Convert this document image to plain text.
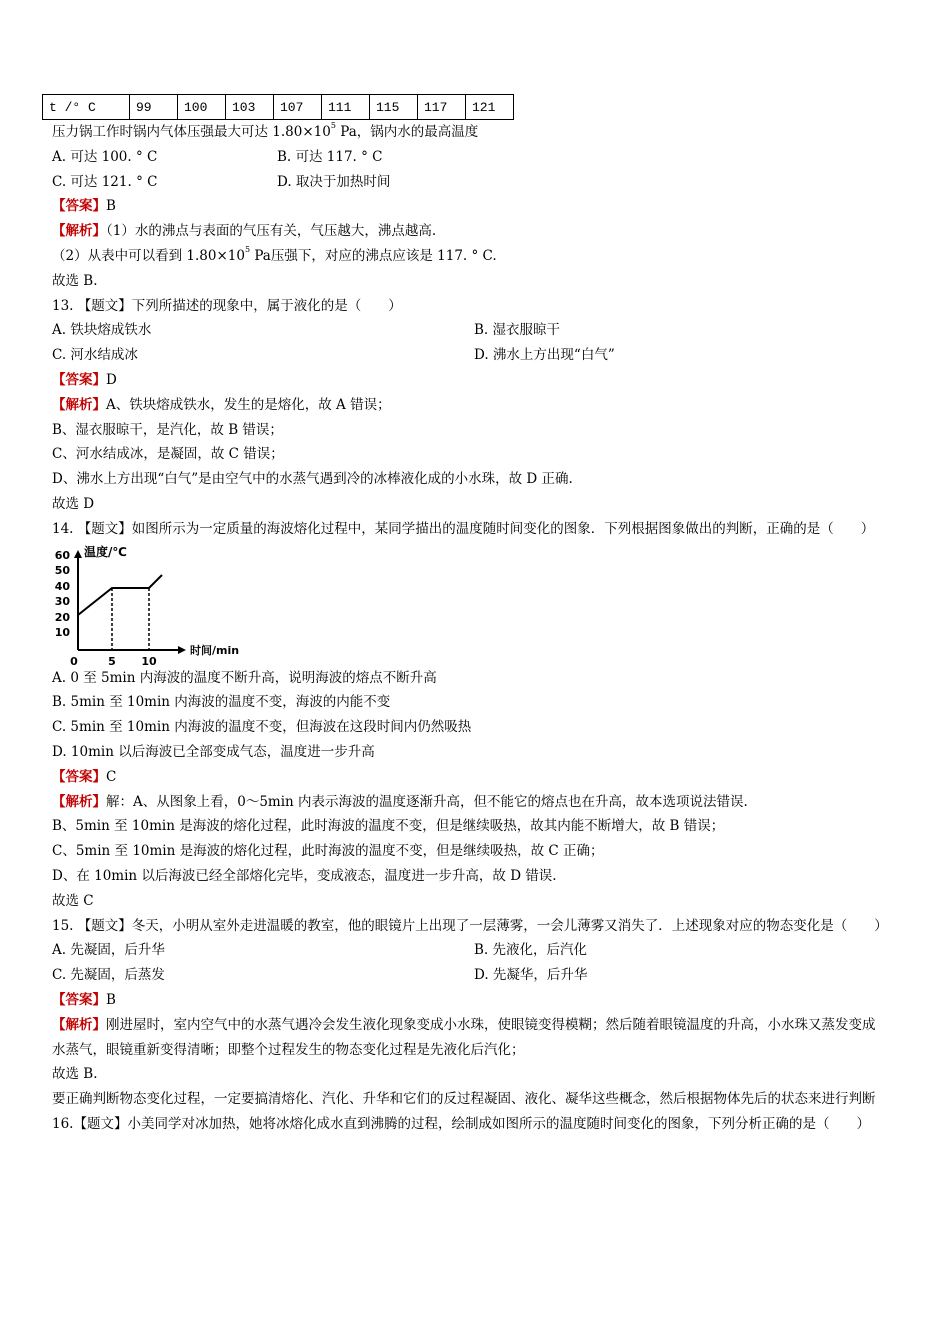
t /° C	99	100	103	107	111	115	117	121
压力锅工作时锅内气体压强最大可达 $1.80\times 10^5$ Pa，锅内水的最高温度
A. 可达 100. ° C	B. 可达 117. ° C
C. 可达 121. ° C	D. 取决于加热时间
【答案】B
【解析】（1）水的沸点与表面的气压有关，气压越大，沸点越高.
（2）从表中可以看到 $1.80\times 10^5$ Pa压强下，对应的沸点应该是 117. ° C.
故选 B.
13. 【题文】下列所描述的现象中，属于液化的是（　　）
A. 铁块熔成铁水	B. 湿衣服晾干
C. 河水结成冰	D. 沸水上方出现“白气”
【答案】D
【解析】A、铁块熔成铁水，发生的是熔化，故 A 错误；
B、湿衣服晾干，是汽化，故 B 错误；
C、河水结成冰，是凝固，故 C 错误；
D、沸水上方出现“白气”是由空气中的水蒸气遇到冷的冰棒液化成的小水珠，故 D 正确.
故选 D
14. 【题文】如图所示为一定质量的海波熔化过程中，某同学描出的温度随时间变化的图象．下列根据图象做出的判断，正确的是（　　）
温度/℃
时间/min
60
50
40
30
20
10
0	5 10
A. 0 至 5min 内海波的温度不断升高，说明海波的熔点不断升高
B. 5min 至 10min 内海波的温度不变，海波的内能不变
C. 5min 至 10min 内海波的温度不变，但海波在这段时间内仍然吸热
D. 10min 以后海波已全部变成气态，温度进一步升高
【答案】C
【解析】解：A、从图象上看，0～5min 内表示海波的温度逐渐升高，但不能它的熔点也在升高，故本选项说法错误.
B、5min 至 10min 是海波的熔化过程，此时海波的温度不变，但是继续吸热，故其内能不断增大，故 B 错误；
C、5min 至 10min 是海波的熔化过程，此时海波的温度不变，但是继续吸热，故 C 正确；
D、在 10min 以后海波已经全部熔化完毕，变成液态，温度进一步升高，故 D 错误.
故选 C
15. 【题文】冬天，小明从室外走进温暖的教室，他的眼镜片上出现了一层薄雾，一会儿薄雾又消失了．上述现象对应的物态变化是（　　）
A. 先凝固，后升华	B. 先液化，后汽化
C. 先凝固，后蒸发	D. 先凝华，后升华
【答案】B
【解析】刚进屋时，室内空气中的水蒸气遇冷会发生液化现象变成小水珠，使眼镜变得模糊；然后随着眼镜温度的升高，小水珠又蒸发变成
水蒸气，眼镜重新变得清晰；即整个过程发生的物态变化过程是先液化后汽化；
故选 B.
要正确判断物态变化过程，一定要搞清熔化、汽化、升华和它们的反过程凝固、液化、凝华这些概念，然后根据物体先后的状态来进行判断
16.【题文】小美同学对冰加热，她将冰熔化成水直到沸腾的过程，绘制成如图所示的温度随时间变化的图象，下列分析正确的是（　　）
